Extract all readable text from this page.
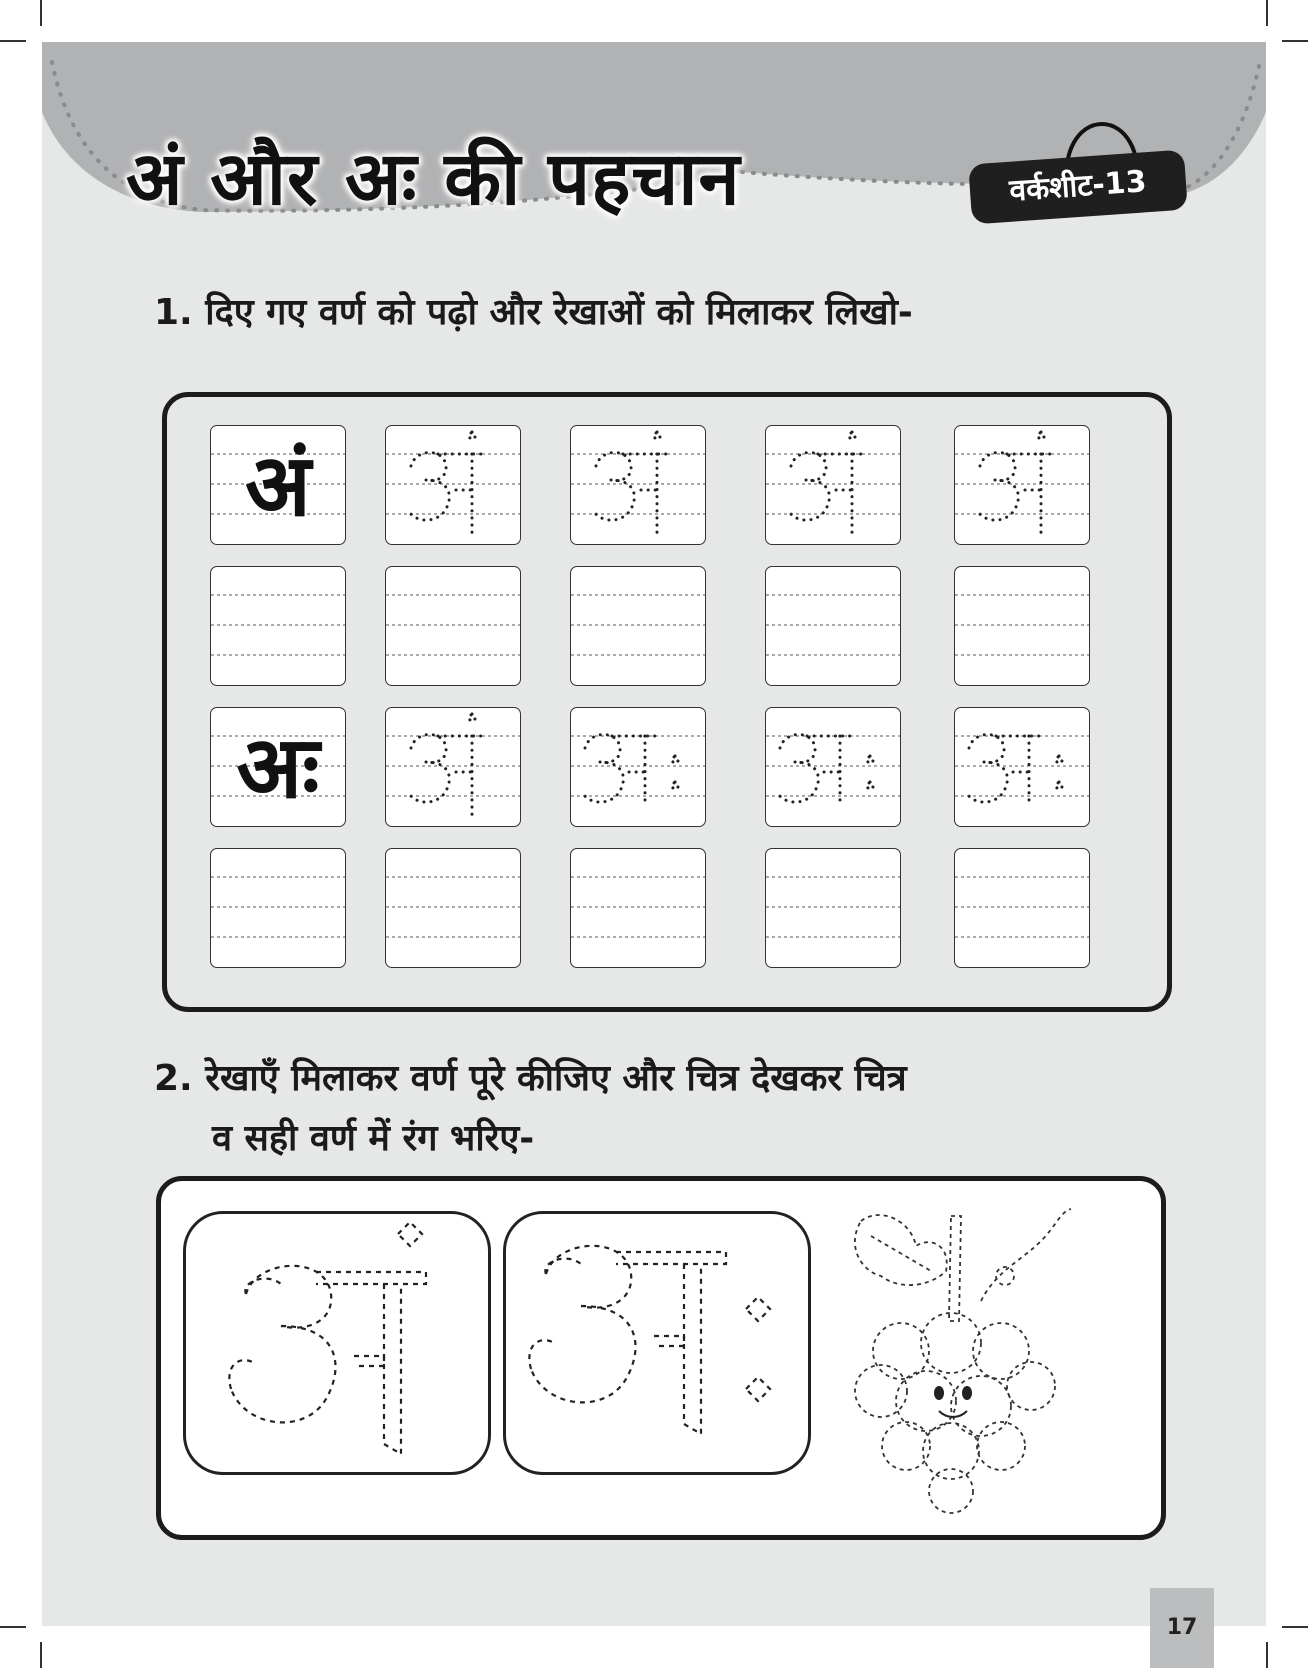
अं और अः की पहचान	वर्कशीट-13
1. दिए गए वर्ण को पढ़ो और रेखाओं को मिलाकर लिखो-
अं
अः
2. रेखाएँ मिलाकर वर्ण पूरे कीजिए और चित्र देखकर चित्र
व सही वर्ण में रंग भरिए-
17
